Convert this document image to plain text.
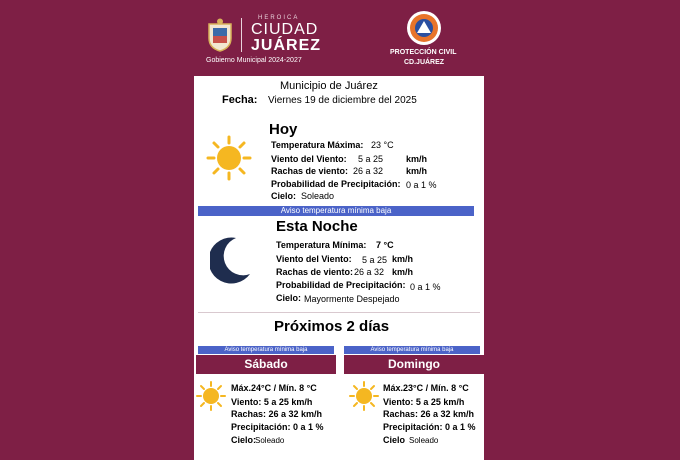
HEROICA
CIUDAD
JUÁREZ
Gobierno Municipal 2024-2027
PROTECCIÓN CIVIL
CD.JUÁREZ
Municipio de Juárez
Fecha: Viernes 19 de diciembre del 2025
Hoy
Temperatura Máxima: 23 °C
Viento del Viento: 5 a 25	km/h
Rachas de viento: 26 a 32	km/h
Probabilidad de Precipitación: 0 a 1 %
Cielo: Soleado
Aviso temperatura mínima baja
Esta Noche
Temperatura Mínima: 7 °C
Viento del Viento: 5 a 25 km/h
Rachas de viento: 26 a 32 km/h
Probabilidad de Precipitación: 0 a 1 %
Cielo: Mayormente Despejado
Próximos 2 días
Aviso temperatura mínima baja
Sábado
Máx.24°C / Mín. 8 °C
Viento: 5 a 25 km/h
Rachas: 26 a 32 km/h
Precipitación: 0 a 1 %
Cielo:
Soleado
Aviso temperatura mínima baja
Domingo
Máx.23°C / Mín. 8 °C
Viento: 5 a 25 km/h
Rachas: 26 a 32 km/h
Precipitación: 0 a 1 %
Cielo Soleado
